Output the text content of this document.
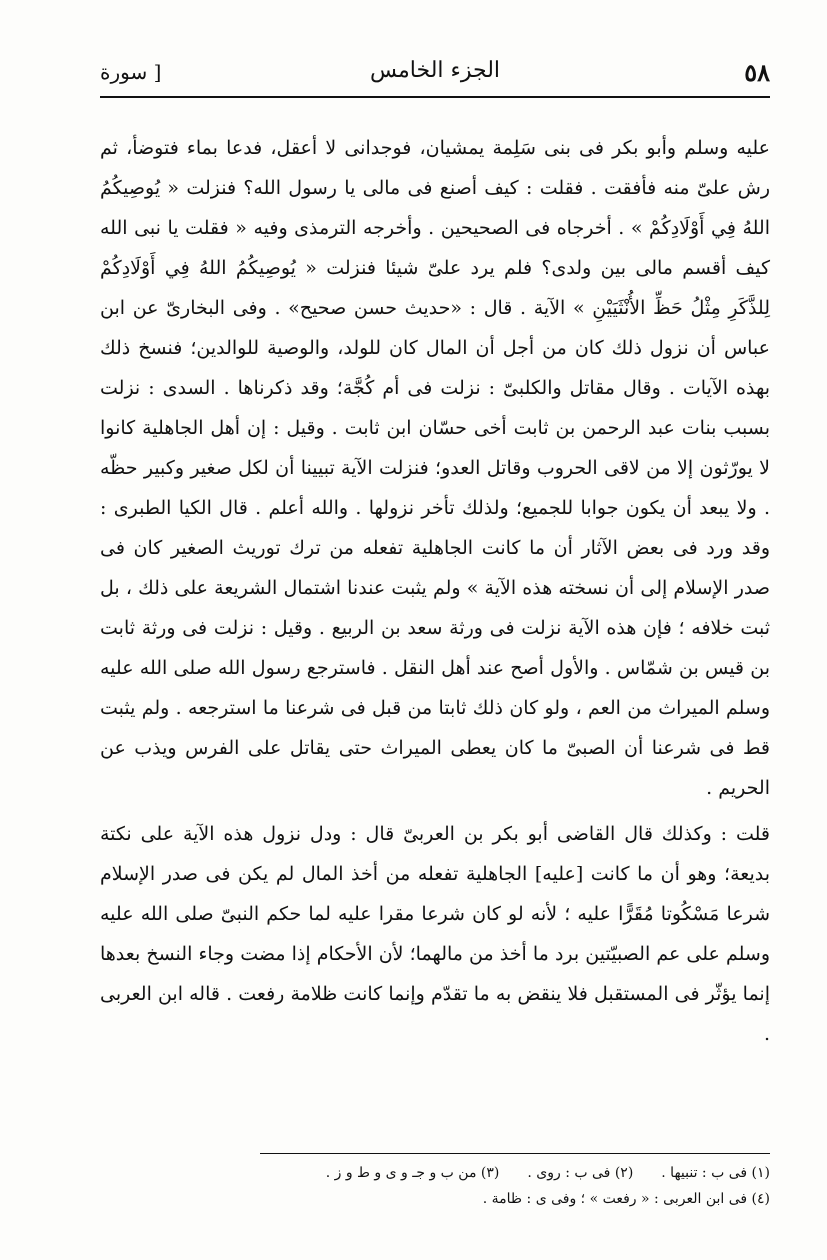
٥٨
الجزء الخامس
[ سورة

عليه وسلم وأبو بكر فى بنى سَلِمة يمشيان، فوجدانى لا أعقل، فدعا بماء فتوضأ، ثم رش علىّ منه فأفقت . فقلت : كيف أصنع فى مالى يا رسول الله؟ فنزلت « يُوصِيكُمُ اللهُ فِي أَوْلَادِكُمْ » . أخرجاه فى الصحيحين . وأخرجه الترمذى وفيه « فقلت يا نبى الله كيف أقسم مالى بين ولدى؟ فلم يرد علىّ شيئا فنزلت « يُوصِيكُمُ اللهُ فِي أَوْلَادِكُمْ لِلذَّكَرِ مِثْلُ حَظِّ الأُنْثَيَيْنِ » الآية . قال : «حديث حسن صحيح» . وفى البخارىّ عن ابن عباس أن نزول ذلك كان من أجل أن المال كان للولد، والوصية للوالدين؛ فنسخ ذلك بهذه الآيات . وقال مقاتل والكلبىّ : نزلت فى أم كُجَّة؛ وقد ذكرناها . السدى : نزلت بسبب بنات عبد الرحمن بن ثابت أخى حسّان ابن ثابت . وقيل : إن أهل الجاهلية كانوا لا يورّثون إلا من لاقى الحروب وقاتل العدو؛ فنزلت الآية تبيينا أن لكل صغير وكبير حظّه . ولا يبعد أن يكون جوابا للجميع؛ ولذلك تأخر نزولها . والله أعلم . قال الكيا الطبرى : وقد ورد فى بعض الآثار أن ما كانت الجاهلية تفعله من ترك توريث الصغير كان فى صدر الإسلام إلى أن نسخته هذه الآية » ولم يثبت عندنا اشتمال الشريعة على ذلك ، بل ثبت خلافه ؛ فإن هذه الآية نزلت فى ورثة سعد بن الربيع . وقيل : نزلت فى ورثة ثابت بن قيس بن شمّاس . والأول أصح عند أهل النقل . فاسترجع رسول الله صلى الله عليه وسلم الميراث من العم ، ولو كان ذلك ثابتا من قبل فى شرعنا ما استرجعه . ولم يثبت قط فى شرعنا أن الصبىّ ما كان يعطى الميراث حتى يقاتل على الفرس ويذب عن الحريم .

قلت : وكذلك قال القاضى أبو بكر بن العربىّ قال : ودل نزول هذه الآية على نكتة بديعة؛ وهو أن ما كانت [عليه] الجاهلية تفعله من أخذ المال لم يكن فى صدر الإسلام شرعا مَسْكُوتا مُقَرًّا عليه ؛ لأنه لو كان شرعا مقرا عليه لما حكم النبىّ صلى الله عليه وسلم على عم الصبيّتين برد ما أخذ من مالهما؛ لأن الأحكام إذا مضت وجاء النسخ بعدها إنما يؤثّر فى المستقبل فلا ينقض به ما تقدّم وإنما كانت ظلامة رفعت . قاله ابن العربى .

(١) فى ب : تنبيها .
(٢) فى ب : روى .
(٣) من ب و جـ و ى و ط و ز .
(٤) فى ابن العربى : « رفعت » ؛ وفى ى : ظامة .
